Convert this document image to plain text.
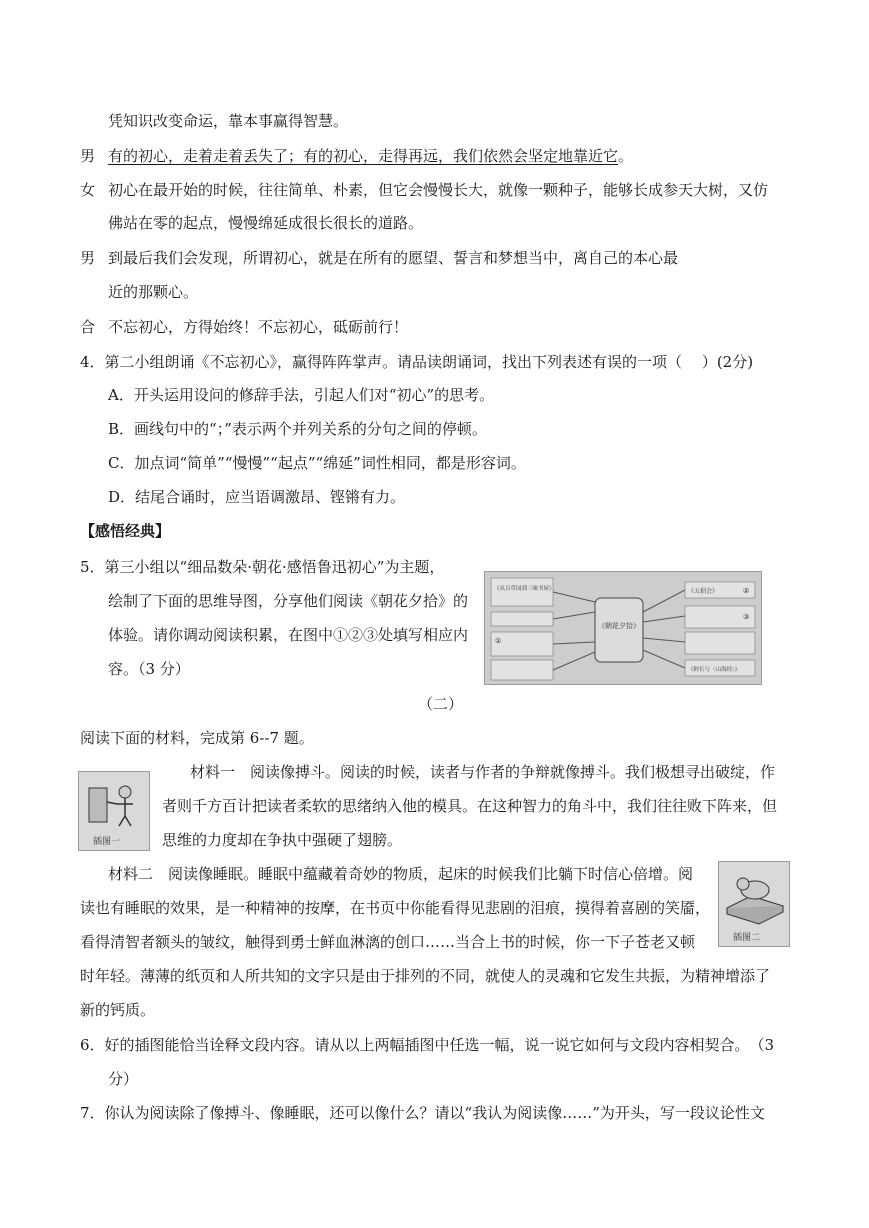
凭知识改变命运，靠本事赢得智慧。
男 有的初心，走着走着丢失了；有的初心，走得再远，我们依然会坚定地靠近它。
女 初心在最开始的时候，往往简单、朴素，但它会慢慢长大，就像一颗种子，能够长成参天大树，又仿
佛站在零的起点，慢慢绵延成很长很长的道路。
男 到最后我们会发现，所谓初心，就是在所有的愿望、誓言和梦想当中，离自己的本心最
近的那颗心。
合 不忘初心，方得始终！不忘初心，砥砺前行！
4．第二小组朗诵《不忘初心》，赢得阵阵掌声。请品读朗诵词，找出下列表述有误的一项（　 ）(2分)
A．开头运用设问的修辞手法，引起人们对“初心”的思考。
B．画线句中的“；”表示两个并列关系的分句之间的停顿。
C．加点词“简单”“慢慢”“起点”“绵延”词性相同，都是形容词。
D．结尾合诵时，应当语调激昂、铿锵有力。
【感悟经典】
5．第三小组以“细品数朵·朝花·感悟鲁迅初心”为主题，
绘制了下面的思维导图，分享他们阅读《朝花夕拾》的
体验。请你调动阅读积累，在图中①②③处填写相应内
容。（3 分）
《朝花夕拾》
《从百草园到三味书屋》	《五猖会》
《阿长与〈山海经〉》
①
②
③
（二）
阅读下面的材料，完成第 6--7 题。
插图一
材料一　阅读像搏斗。阅读的时候，读者与作者的争辩就像搏斗。我们极想寻出破绽，作
者则千方百计把读者柔软的思绪纳入他的模具。在这种智力的角斗中，我们往往败下阵来，但
思维的力度却在争执中强硬了翅膀。
材料二　阅读像睡眠。睡眠中蕴藏着奇妙的物质，起床的时候我们比躺下时信心倍增。阅
读也有睡眠的效果，是一种精神的按摩，在书页中你能看得见悲剧的泪痕，摸得着喜剧的笑靥，
看得清智者额头的皱纹，触得到勇士鲜血淋漓的创口……当合上书的时候，你一下子苍老又顿
时年轻。薄薄的纸页和人所共知的文字只是由于排列的不同，就使人的灵魂和它发生共振，为精神增添了
新的钙质。
插图二
6．好的插图能恰当诠释文段内容。请从以上两幅插图中任选一幅，说一说它如何与文段内容相契合。　（3
分）
7．你认为阅读除了像搏斗、像睡眠，还可以像什么？请以“我认为阅读像……”为开头，写一段议论性文
